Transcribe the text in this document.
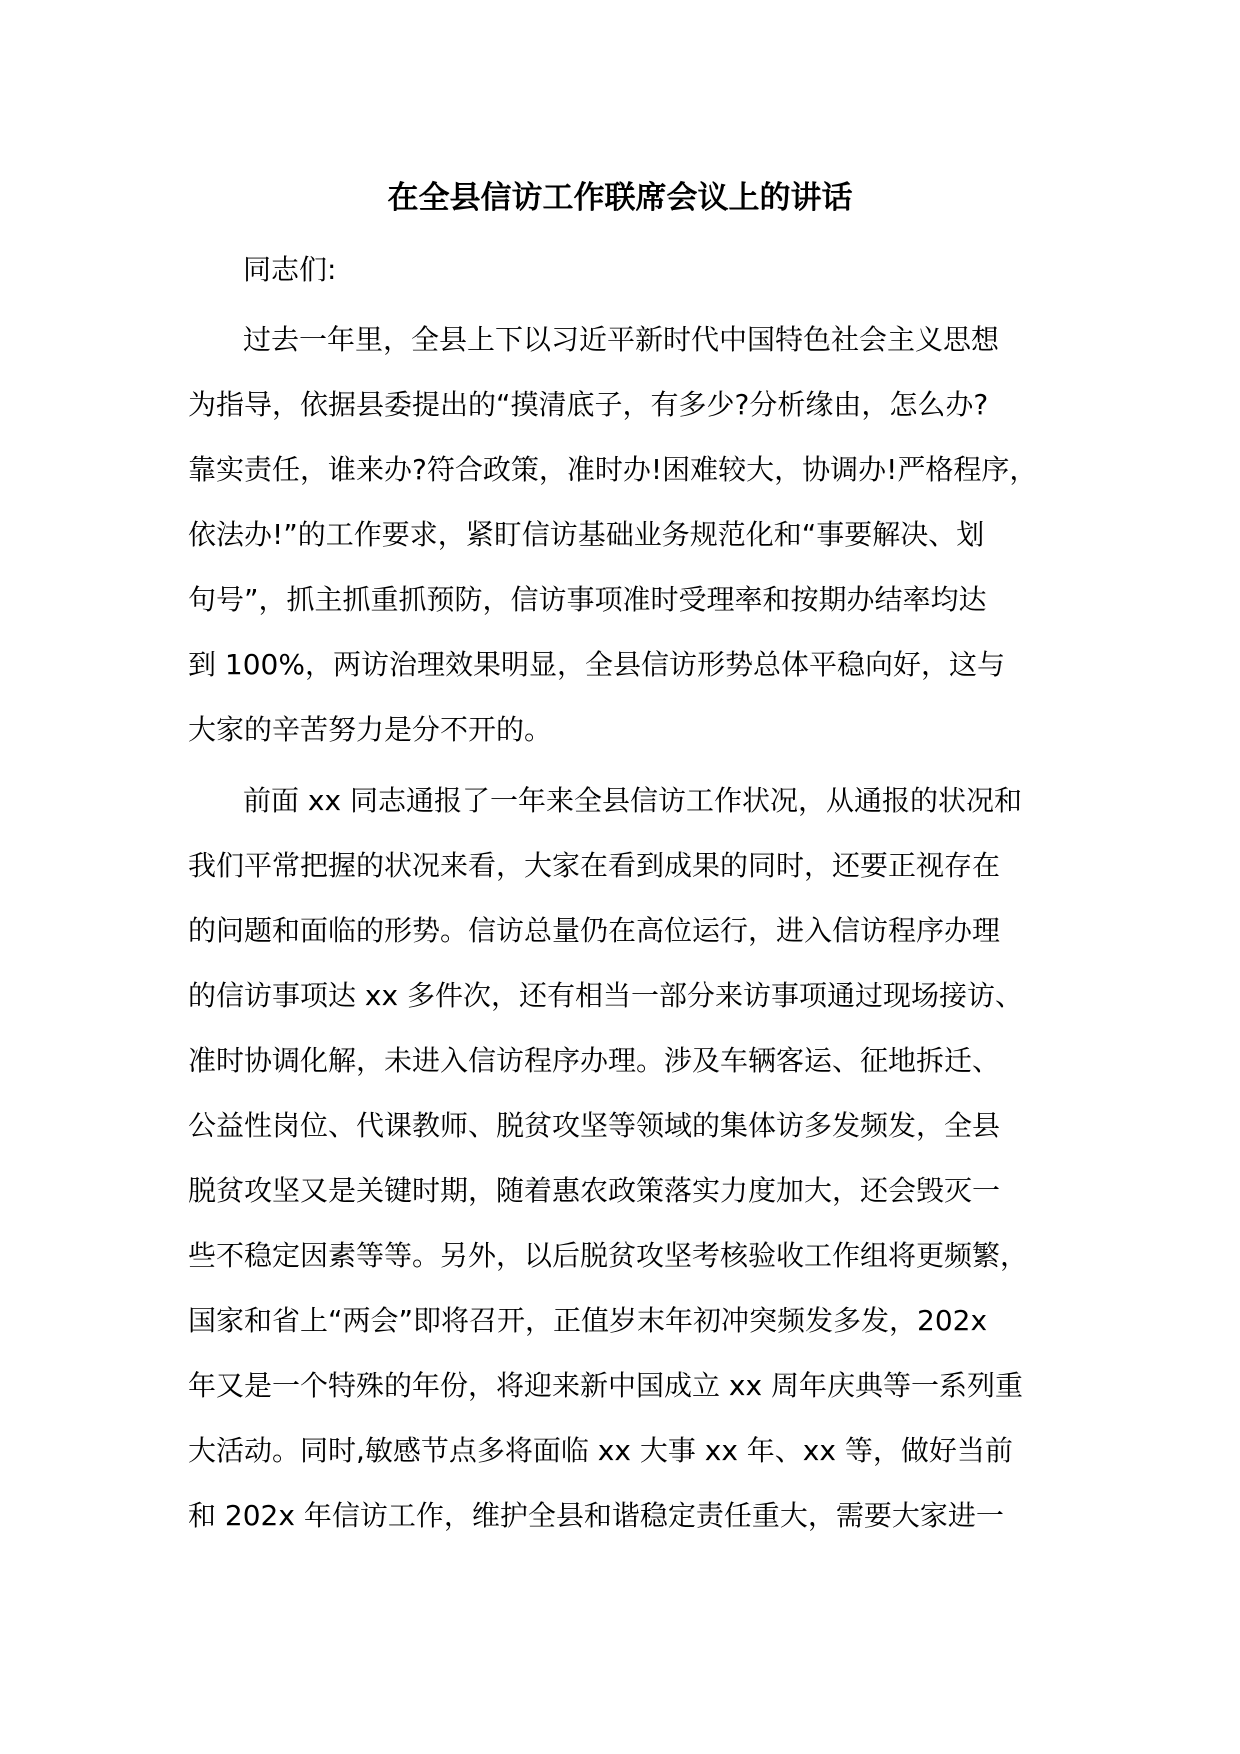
在全县信访工作联席会议上的讲话

同志们:

过去一年里，全县上下以习近平新时代中国特色社会主义思想
为指导，依据县委提出的“摸清底子，有多少?分析缘由，怎么办?
靠实责任，谁来办?符合政策，准时办!困难较大，协调办!严格程序，
依法办!”的工作要求，紧盯信访基础业务规范化和“事要解决、划
句号”，抓主抓重抓预防，信访事项准时受理率和按期办结率均达
到 100%，两访治理效果明显，全县信访形势总体平稳向好，这与
大家的辛苦努力是分不开的。
前面 xx 同志通报了一年来全县信访工作状况，从通报的状况和
我们平常把握的状况来看，大家在看到成果的同时，还要正视存在
的问题和面临的形势。信访总量仍在高位运行，进入信访程序办理
的信访事项达 xx 多件次，还有相当一部分来访事项通过现场接访、
准时协调化解，未进入信访程序办理。涉及车辆客运、征地拆迁、
公益性岗位、代课教师、脱贫攻坚等领域的集体访多发频发，全县
脱贫攻坚又是关键时期，随着惠农政策落实力度加大，还会毁灭一
些不稳定因素等等。另外，以后脱贫攻坚考核验收工作组将更频繁，
国家和省上“两会”即将召开，正值岁末年初冲突频发多发，202x
年又是一个特殊的年份，将迎来新中国成立 xx 周年庆典等一系列重
大活动。同时,敏感节点多将面临 xx 大事 xx 年、xx 等，做好当前
和 202x 年信访工作，维护全县和谐稳定责任重大，需要大家进一
